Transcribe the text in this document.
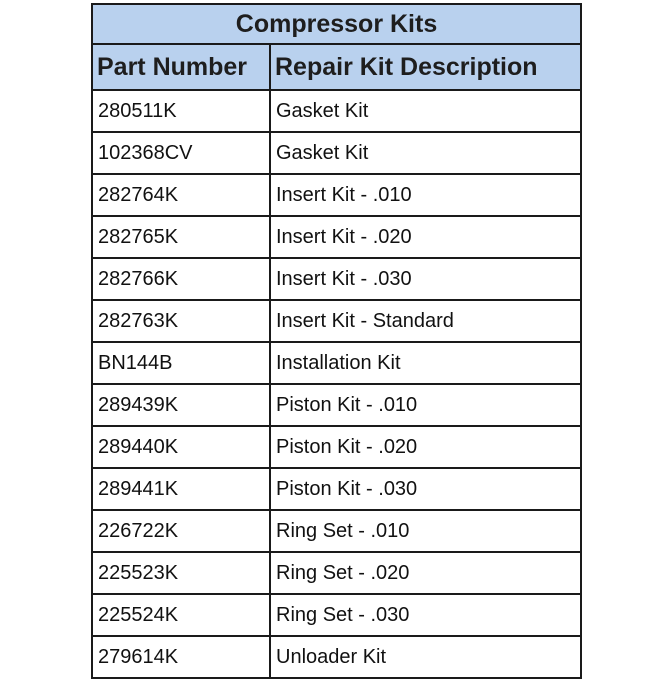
Compressor Kits	
Part Number	Repair Kit Description
280511K	Gasket Kit
102368CV	Gasket Kit
282764K	Insert Kit - .010
282765K	Insert Kit - .020
282766K	Insert Kit - .030
282763K	Insert Kit - Standard
BN144B	Installation Kit
289439K	Piston Kit - .010
289440K	Piston Kit - .020
289441K	Piston Kit - .030
226722K	Ring Set - .010
225523K	Ring Set - .020
225524K	Ring Set - .030
279614K	Unloader Kit
